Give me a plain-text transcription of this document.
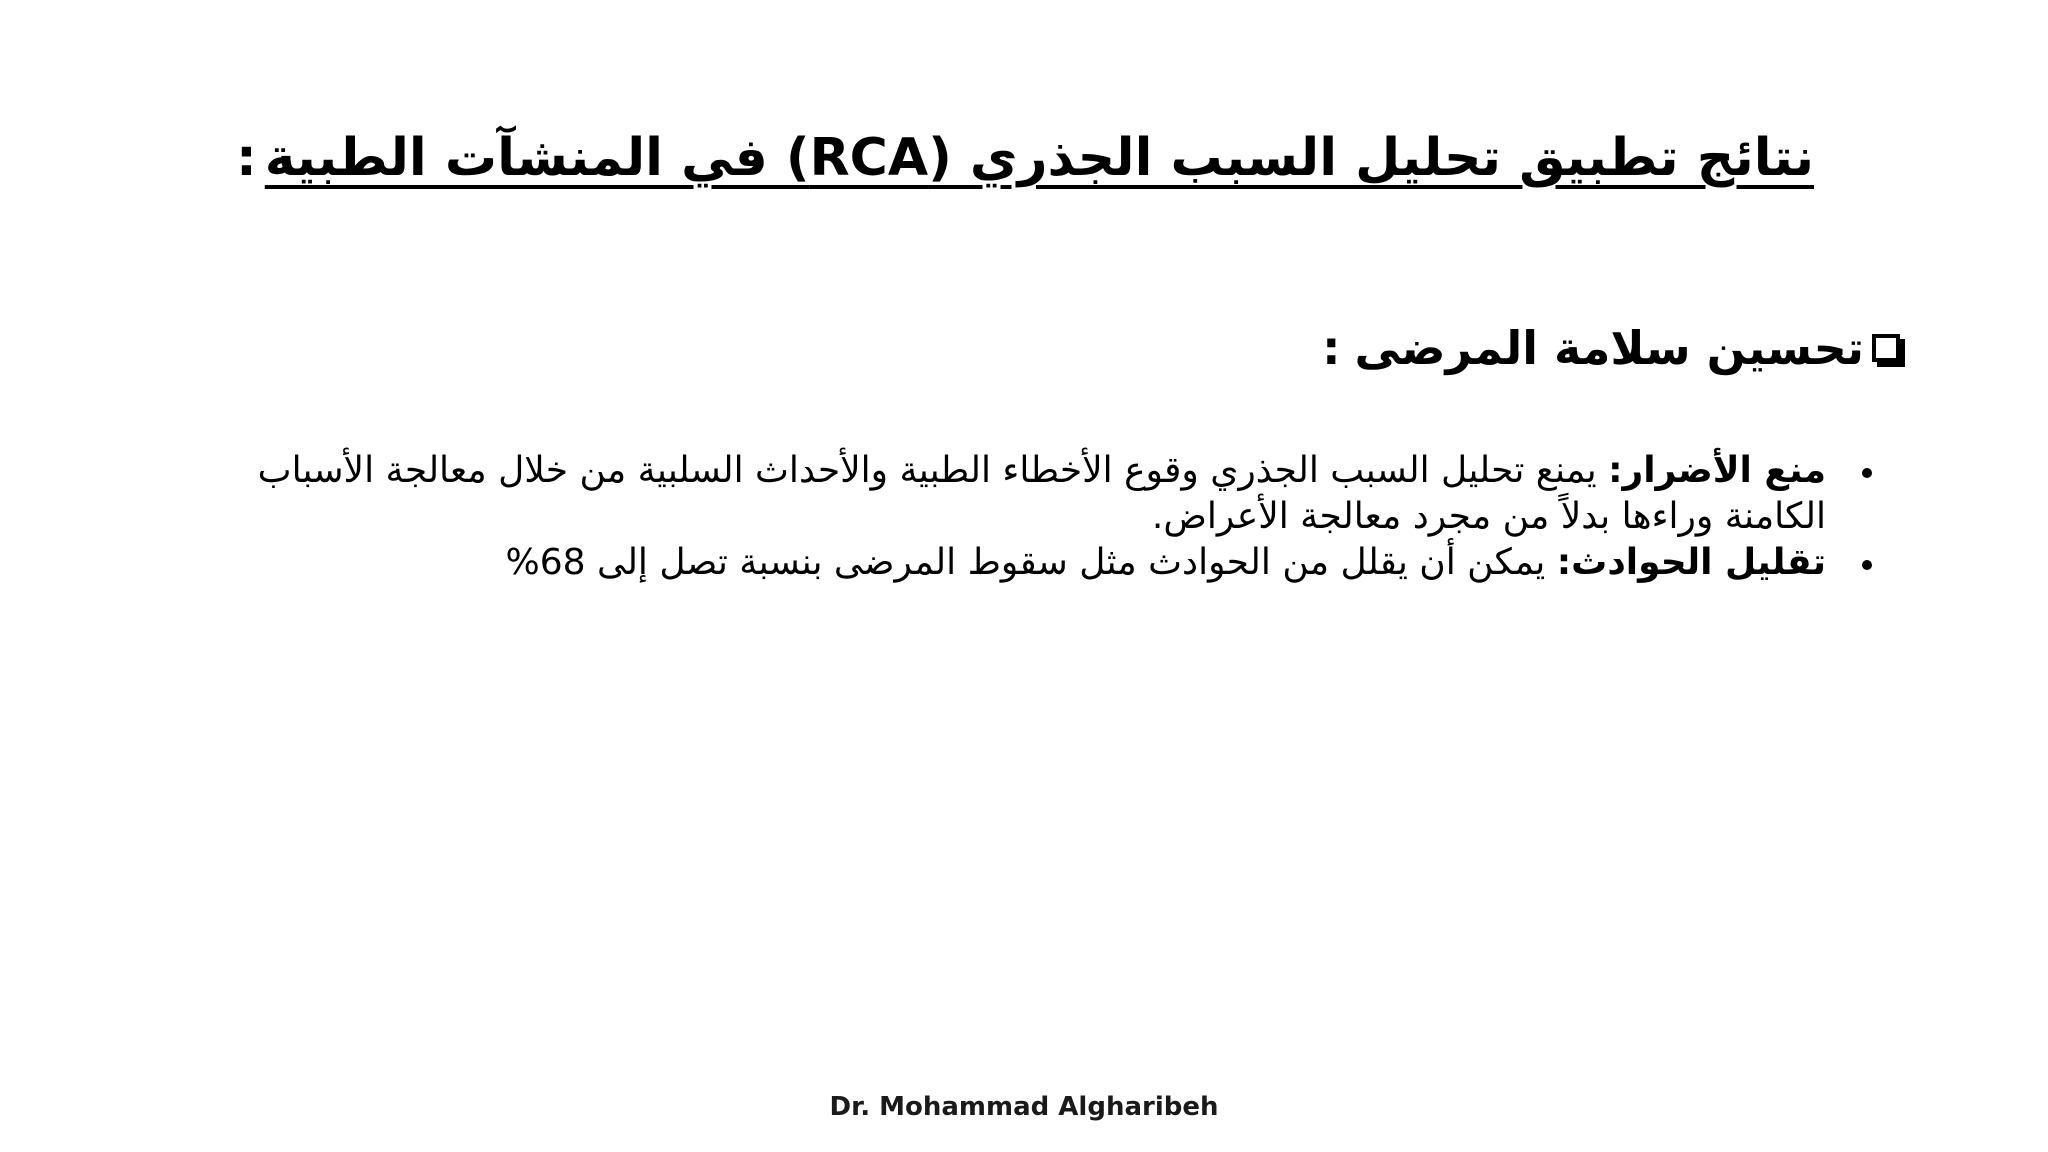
نتائج تطبيق تحليل السبب الجذري (RCA) في المنشآت الطبية:
تحسين سلامة المرضى
:
منع الأضرار: يمنع تحليل السبب الجذري وقوع الأخطاء الطبية والأحداث السلبية من خلال معالجة الأسباب الكامنة وراءها بدلاً من مجرد معالجة الأعراض.
تقليل الحوادث: يمكن أن يقلل من الحوادث مثل سقوط المرضى بنسبة تصل إلى 68%
Dr. Mohammad Algharibeh
